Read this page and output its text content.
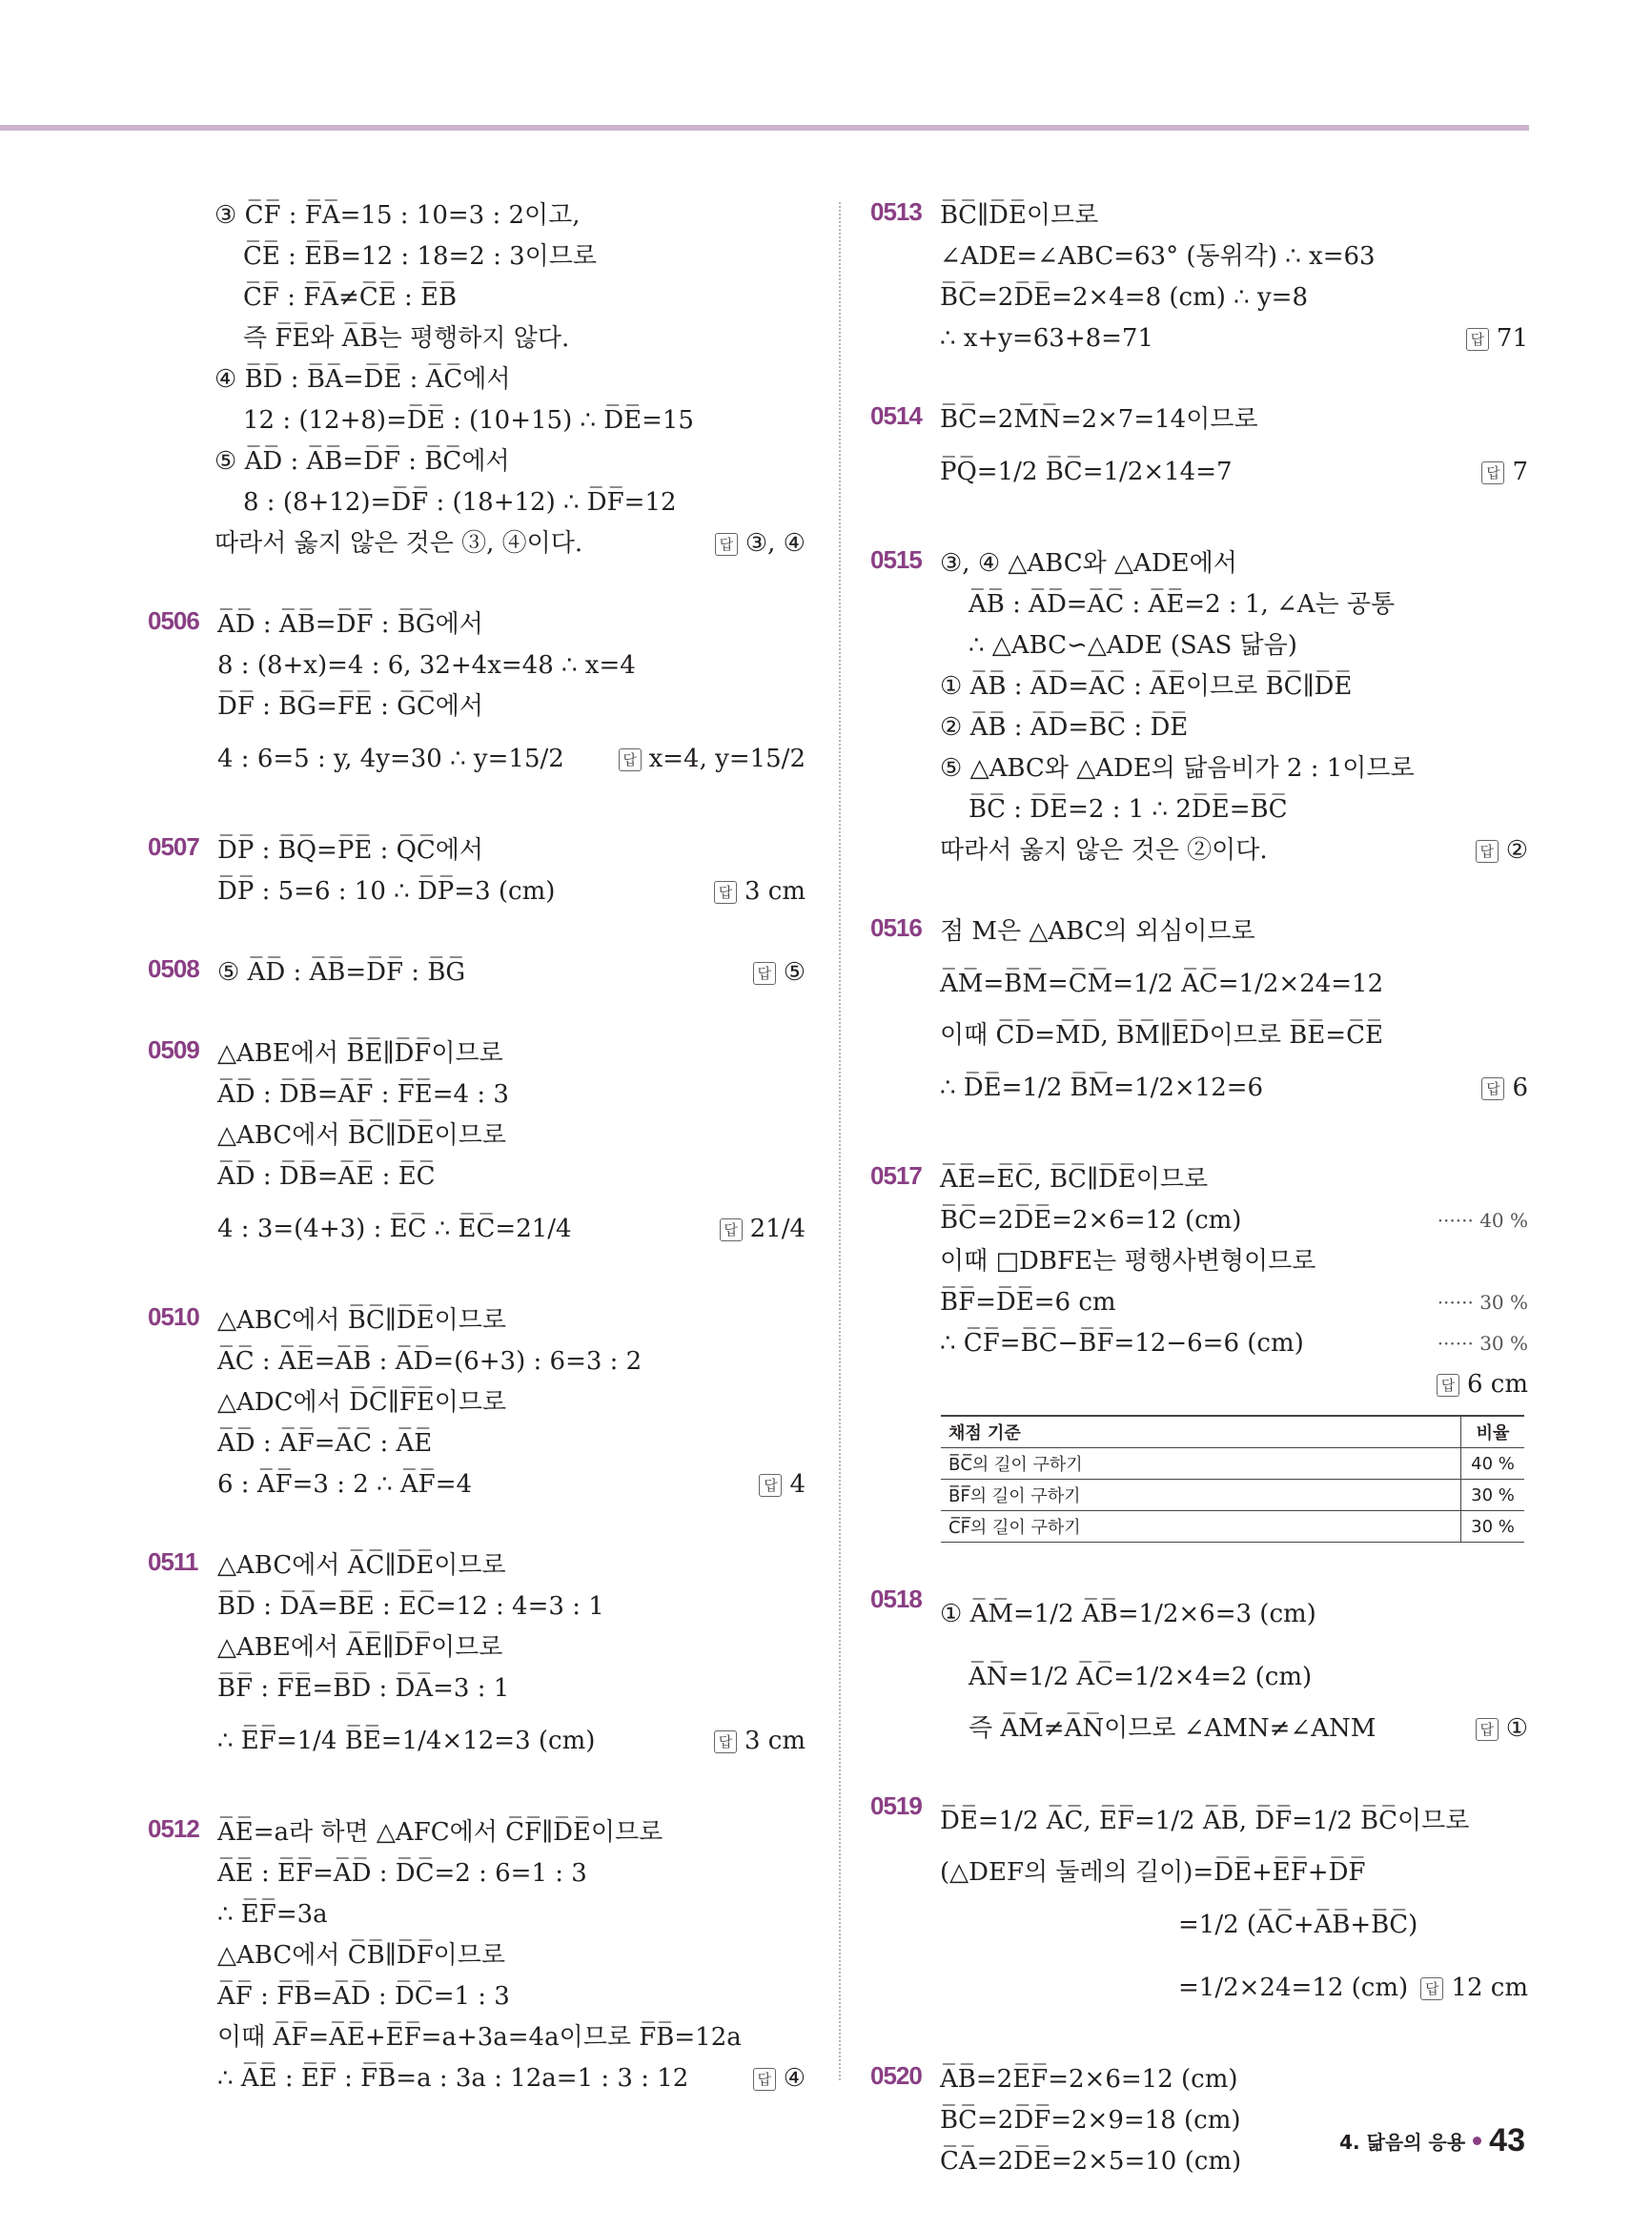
③ C̅F̅ : F̅A̅=15 : 10=3 : 2이고,
C̅E̅ : E̅B̅=12 : 18=2 : 3이므로
C̅F̅ : F̅A̅≠C̅E̅ : E̅B̅
즉 F̅E̅와 A̅B̅는 평행하지 않다.
④ B̅D̅ : B̅A̅=D̅E̅ : A̅C̅에서
12 : (12+8)=D̅E̅ : (10+15) ∴ D̅E̅=15
⑤ A̅D̅ : A̅B̅=D̅F̅ : B̅C̅에서
8 : (8+12)=D̅F̅ : (18+12) ∴ D̅F̅=12
따라서 옳지 않은 것은 ③, ④이다.	답 ③, ④
0506 A̅D̅ : A̅B̅=D̅F̅ : B̅G̅에서
8 : (8+x)=4 : 6, 32+4x=48 ∴ x=4
D̅F̅ : B̅G̅=F̅E̅ : G̅C̅에서
4 : 6=5 : y, 4y=30 ∴ y=15/2	답 x=4, y=15/2
0507 D̅P̅ : B̅Q̅=P̅E̅ : Q̅C̅에서
D̅P̅ : 5=6 : 10 ∴ D̅P̅=3 (cm)	답 3 cm
0508 ⑤ A̅D̅ : A̅B̅=D̅F̅ : B̅G̅	답 ⑤
0509 △ABE에서 B̅E̅∥D̅F̅이므로
A̅D̅ : D̅B̅=A̅F̅ : F̅E̅=4 : 3
△ABC에서 B̅C̅∥D̅E̅이므로
A̅D̅ : D̅B̅=A̅E̅ : E̅C̅
4 : 3=(4+3) : E̅C̅ ∴ E̅C̅=21/4	답 21/4
0510 △ABC에서 B̅C̅∥D̅E̅이므로
A̅C̅ : A̅E̅=A̅B̅ : A̅D̅=(6+3) : 6=3 : 2
△ADC에서 D̅C̅∥F̅E̅이므로
A̅D̅ : A̅F̅=A̅C̅ : A̅E̅
6 : A̅F̅=3 : 2 ∴ A̅F̅=4	답 4
0511 △ABC에서 A̅C̅∥D̅E̅이므로
B̅D̅ : D̅A̅=B̅E̅ : E̅C̅=12 : 4=3 : 1
△ABE에서 A̅E̅∥D̅F̅이므로
B̅F̅ : F̅E̅=B̅D̅ : D̅A̅=3 : 1
∴ E̅F̅=1/4 B̅E̅=1/4×12=3 (cm)	답 3 cm
0512 A̅E̅=a라 하면 △AFC에서 C̅F̅∥D̅E̅이므로
A̅E̅ : E̅F̅=A̅D̅ : D̅C̅=2 : 6=1 : 3
∴ E̅F̅=3a
△ABC에서 C̅B̅∥D̅F̅이므로
A̅F̅ : F̅B̅=A̅D̅ : D̅C̅=1 : 3
이때 A̅F̅=A̅E̅+E̅F̅=a+3a=4a이므로 F̅B̅=12a
∴ A̅E̅ : E̅F̅ : F̅B̅=a : 3a : 12a=1 : 3 : 12	답 ④
0513 B̅C̅∥D̅E̅이므로
∠ADE=∠ABC=63° (동위각) ∴ x=63
B̅C̅=2D̅E̅=2×4=8 (cm) ∴ y=8
∴ x+y=63+8=71	답 71
0514 B̅C̅=2M̅N̅=2×7=14이므로
P̅Q̅=1/2 B̅C̅=1/2×14=7	답 7
0515 ③, ④ △ABC와 △ADE에서
A̅B̅ : A̅D̅=A̅C̅ : A̅E̅=2 : 1, ∠A는 공통
∴ △ABC∽△ADE (SAS 닮음)
① A̅B̅ : A̅D̅=A̅C̅ : A̅E̅이므로 B̅C̅∥D̅E̅
② A̅B̅ : A̅D̅=B̅C̅ : D̅E̅
⑤ △ABC와 △ADE의 닮음비가 2 : 1이므로
B̅C̅ : D̅E̅=2 : 1 ∴ 2D̅E̅=B̅C̅
따라서 옳지 않은 것은 ②이다.	답 ②
0516 점 M은 △ABC의 외심이므로
A̅M̅=B̅M̅=C̅M̅=1/2 A̅C̅=1/2×24=12
이때 C̅D̅=M̅D̅, B̅M̅∥E̅D̅이므로 B̅E̅=C̅E̅
∴ D̅E̅=1/2 B̅M̅=1/2×12=6	답 6
0517 A̅E̅=E̅C̅, B̅C̅∥D̅E̅이므로
B̅C̅=2D̅E̅=2×6=12 (cm)	······ 40 %
이때 □DBFE는 평행사변형이므로
B̅F̅=D̅E̅=6 cm	······ 30 %
∴ C̅F̅=B̅C̅−B̅F̅=12−6=6 (cm)	······ 30 %
답 6 cm
채점 기준	비율
B̅C̅의 길이 구하기	40 %
B̅F̅의 길이 구하기	30 %
C̅F̅의 길이 구하기	30 %
0518
① A̅M̅=1/2 A̅B̅=1/2×6=3 (cm)
A̅N̅=1/2 A̅C̅=1/2×4=2 (cm)
즉 A̅M̅≠A̅N̅이므로 ∠AMN≠∠ANM	답 ①
0519
D̅E̅=1/2 A̅C̅, E̅F̅=1/2 A̅B̅, D̅F̅=1/2 B̅C̅이므로
(△DEF의 둘레의 길이)=D̅E̅+E̅F̅+D̅F̅
=1/2 (A̅C̅+A̅B̅+B̅C̅)
=1/2×24=12 (cm)	답 12 cm
0520 A̅B̅=2E̅F̅=2×6=12 (cm)
B̅C̅=2D̅F̅=2×9=18 (cm)
C̅A̅=2D̅E̅=2×5=10 (cm)
4. 닮음의 응용 43
